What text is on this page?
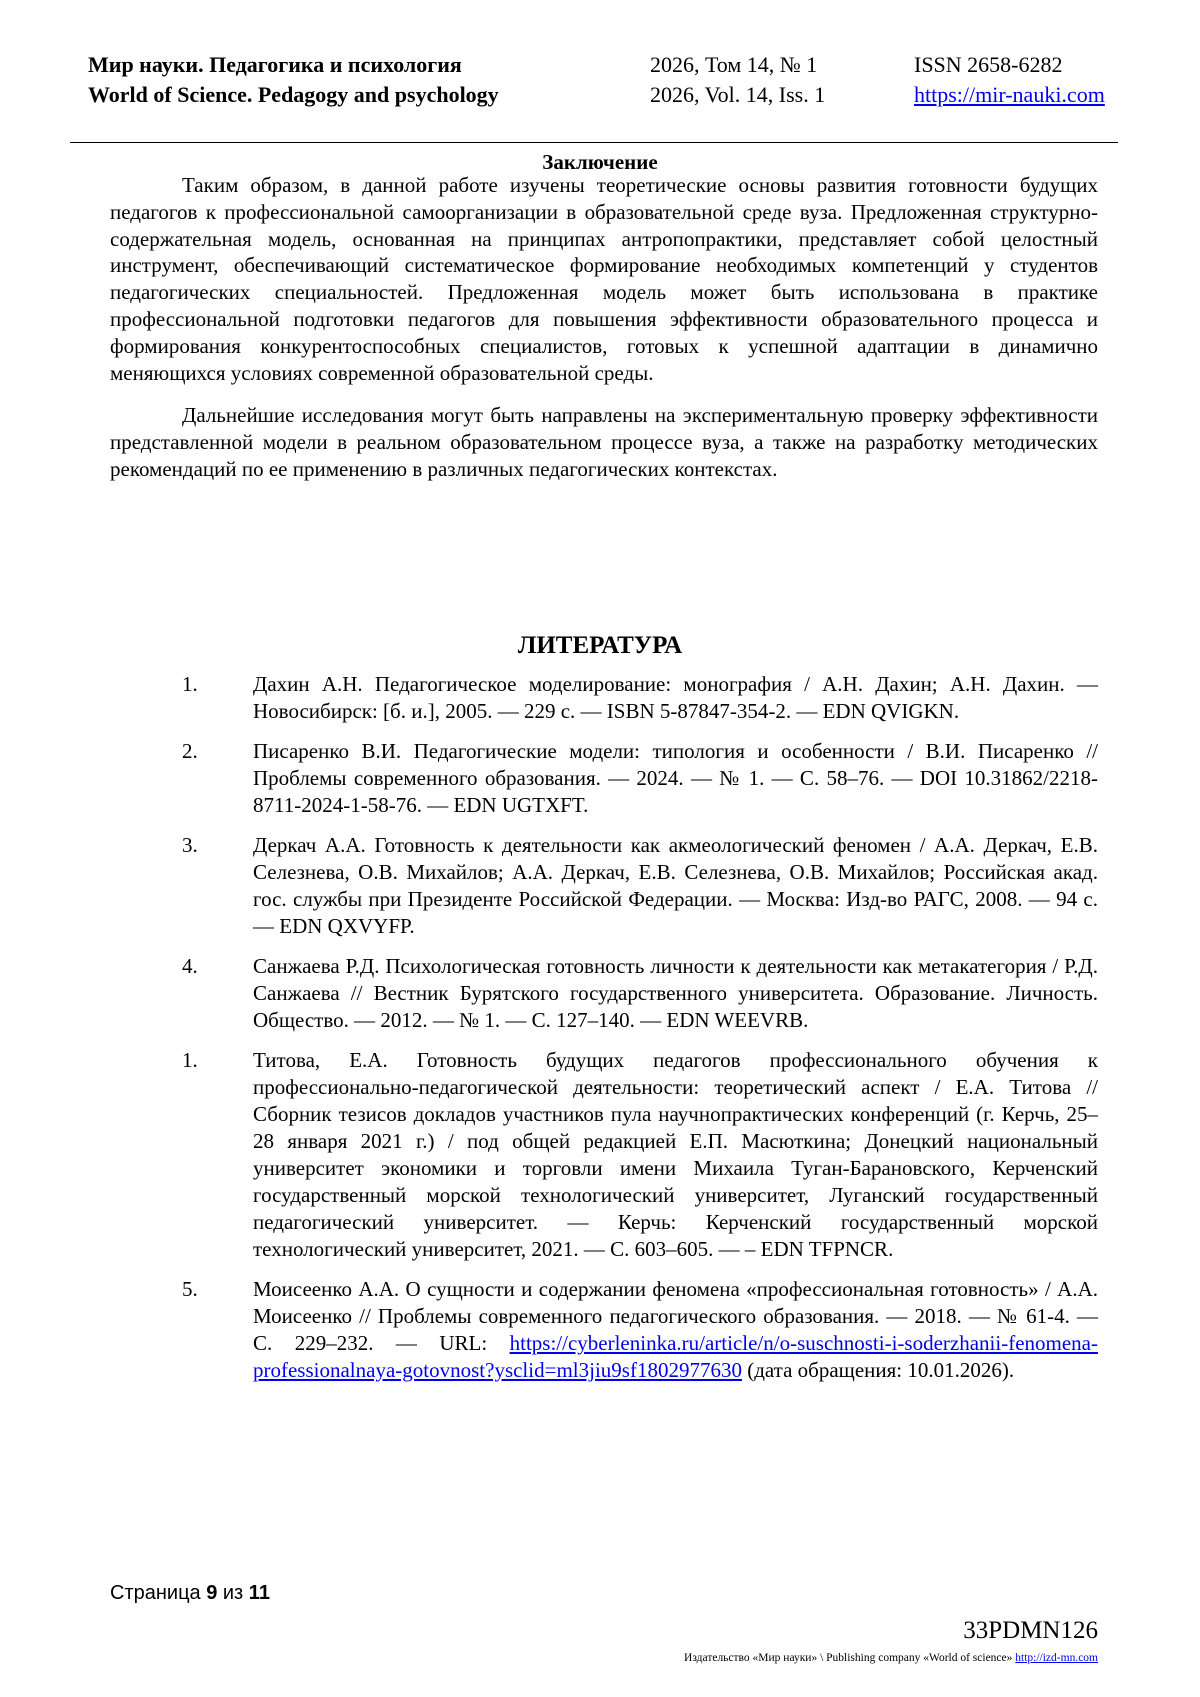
Мир науки. Педагогика и психология
World of Science. Pedagogy and psychology
2026, Том 14, № 1
2026, Vol. 14, Iss. 1
ISSN 2658-6282
https://mir-nauki.com
Заключение

Таким образом, в данной работе изучены теоретические основы развития готовности будущих педагогов к профессиональной самоорганизации в образовательной среде вуза. Предложенная структурно-содержательная модель, основанная на принципах антропопрактики, представляет собой целостный инструмент, обеспечивающий систематическое формирование необходимых компетенций у студентов педагогических специальностей. Предложенная модель может быть использована в практике профессиональной подготовки педагогов для повышения эффективности образовательного процесса и формирования конкурентоспособных специалистов, готовых к успешной адаптации в динамично меняющихся условиях современной образовательной среды.

Дальнейшие исследования могут быть направлены на экспериментальную проверку эффективности представленной модели в реальном образовательном процессе вуза, а также на разработку методических рекомендаций по ее применению в различных педагогических контекстах.

ЛИТЕРАТУРА
1.	Дахин А.Н. Педагогическое моделирование: монография / А.Н. Дахин; А.Н. Дахин. — Новосибирск: [б. и.], 2005. — 229 с. — ISBN 5-87847-354-2. — EDN QVIGKN.
2.	Писаренко В.И. Педагогические модели: типология и особенности / В.И. Писаренко // Проблемы современного образования. — 2024. — № 1. — С. 58–76. — DOI 10.31862/2218-8711-2024-1-58-76. — EDN UGTXFT.
3.	Деркач А.А. Готовность к деятельности как акмеологический феномен / А.А. Деркач, Е.В. Селезнева, О.В. Михайлов; А.А. Деркач, Е.В. Селезнева, О.В. Михайлов; Российская акад. гос. службы при Президенте Российской Федерации. — Москва: Изд-во РАГС, 2008. — 94 с. — EDN QXVYFP.
4.	Санжаева Р.Д. Психологическая готовность личности к деятельности как метакатегория / Р.Д. Санжаева // Вестник Бурятского государственного университета. Образование. Личность. Общество. — 2012. — № 1. — С. 127–140. — EDN WEEVRB.
1.	Титова, Е.А. Готовность будущих педагогов профессионального обучения к профессионально-педагогической деятельности: теоретический аспект / Е.А. Титова // Сборник тезисов докладов участников пула научнопрактических конференций (г. Керчь, 25–28 января 2021 г.) / под общей редакцией Е.П. Масюткина; Донецкий национальный университет экономики и торговли имени Михаила Туган-Барановского, Керченский государственный морской технологический университет, Луганский государственный педагогический университет. — Керчь: Керченский государственный морской технологический университет, 2021. — С. 603–605. — – EDN TFPNCR.
5.	Моисеенко А.А. О сущности и содержании феномена «профессиональная готовность» / А.А. Моисеенко // Проблемы современного педагогического образования. — 2018. — № 61-4. — С. 229–232. — URL: https://cyberleninka.ru/article/n/o-suschnosti-i-soderzhanii-fenomena-professionalnaya-gotovnost?ysclid=ml3jiu9sf1802977630 (дата обращения: 10.01.2026).
Страница 9 из 11
33PDMN126
Издательство «Мир науки» \ Publishing company «World of science» http://izd-mn.com
